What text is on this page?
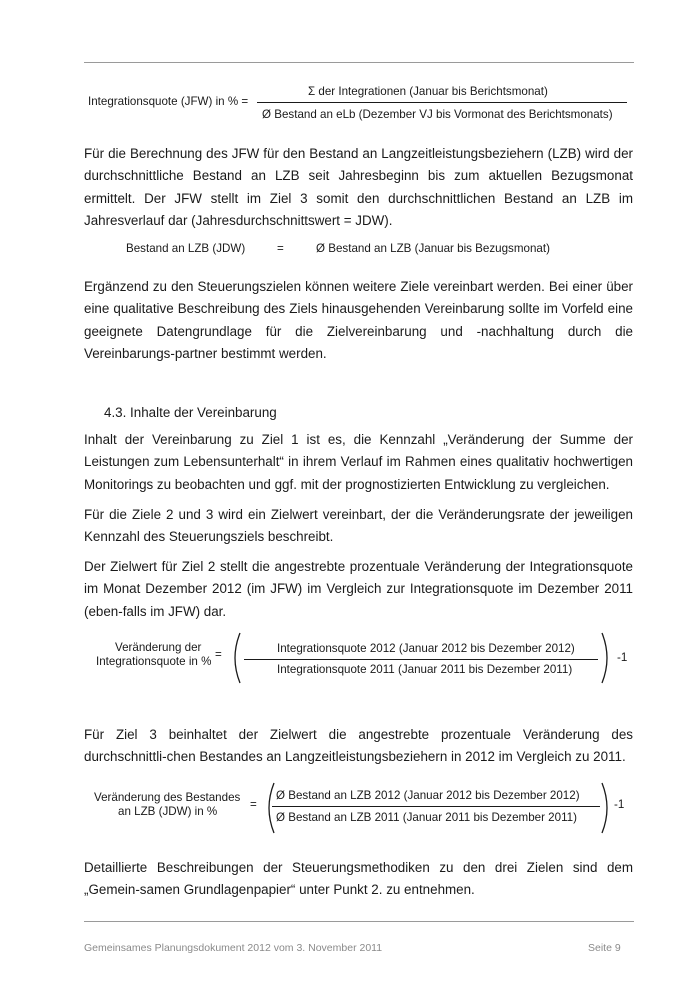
Integrationsquote (JFW) in % =
Σ der Integrationen (Januar bis Berichtsmonat)
Ø Bestand an eLb (Dezember VJ bis Vormonat des Berichtsmonats)

Für die Berechnung des JFW für den Bestand an Langzeitleistungsbeziehern (LZB) wird der durchschnittliche Bestand an LZB seit Jahresbeginn bis zum aktuellen Bezugsmonat ermittelt. Der JFW stellt im Ziel 3 somit den durchschnittlichen Bestand an LZB im Jahresverlauf dar (Jahresdurchschnittswert = JDW).

Bestand an LZB (JDW)	=	Ø Bestand an LZB (Januar bis Bezugsmonat)

Ergänzend zu den Steuerungszielen können weitere Ziele vereinbart werden. Bei einer über eine qualitative Beschreibung des Ziels hinausgehenden Vereinbarung sollte im Vorfeld eine geeignete Datengrundlage für die Zielvereinbarung und -nachhaltung durch die Vereinbarungs-partner bestimmt werden.

4.3. Inhalte der Vereinbarung

Inhalt der Vereinbarung zu Ziel 1 ist es, die Kennzahl „Veränderung der Summe der Leistungen zum Lebensunterhalt“ in ihrem Verlauf im Rahmen eines qualitativ hochwertigen Monitorings zu beobachten und ggf. mit der prognostizierten Entwicklung zu vergleichen.

Für die Ziele 2 und 3 wird ein Zielwert vereinbart, der die Veränderungsrate der jeweiligen Kennzahl des Steuerungsziels beschreibt.

Der Zielwert für Ziel 2 stellt die angestrebte prozentuale Veränderung der Integrationsquote im Monat Dezember 2012 (im JFW) im Vergleich zur Integrationsquote im Dezember 2011 (eben-falls im JFW) dar.

Veränderung der
Integrationsquote in %
=	Integrationsquote 2012 (Januar 2012 bis Dezember 2012)
Integrationsquote 2011 (Januar 2011 bis Dezember 2011)
-1

Für Ziel 3 beinhaltet der Zielwert die angestrebte prozentuale Veränderung des durchschnittli-chen Bestandes an Langzeitleistungsbeziehern in 2012 im Vergleich zu 2011.

Veränderung des Bestandes
an LZB (JDW) in %
=
Ø Bestand an LZB 2012 (Januar 2012 bis Dezember 2012)
Ø Bestand an LZB 2011 (Januar 2011 bis Dezember 2011)
-1

Detaillierte Beschreibungen der Steuerungsmethodiken zu den drei Zielen sind dem „Gemein-samen Grundlagenpapier“ unter Punkt 2. zu entnehmen.

Gemeinsames Planungsdokument 2012 vom 3. November 2011	Seite 9
